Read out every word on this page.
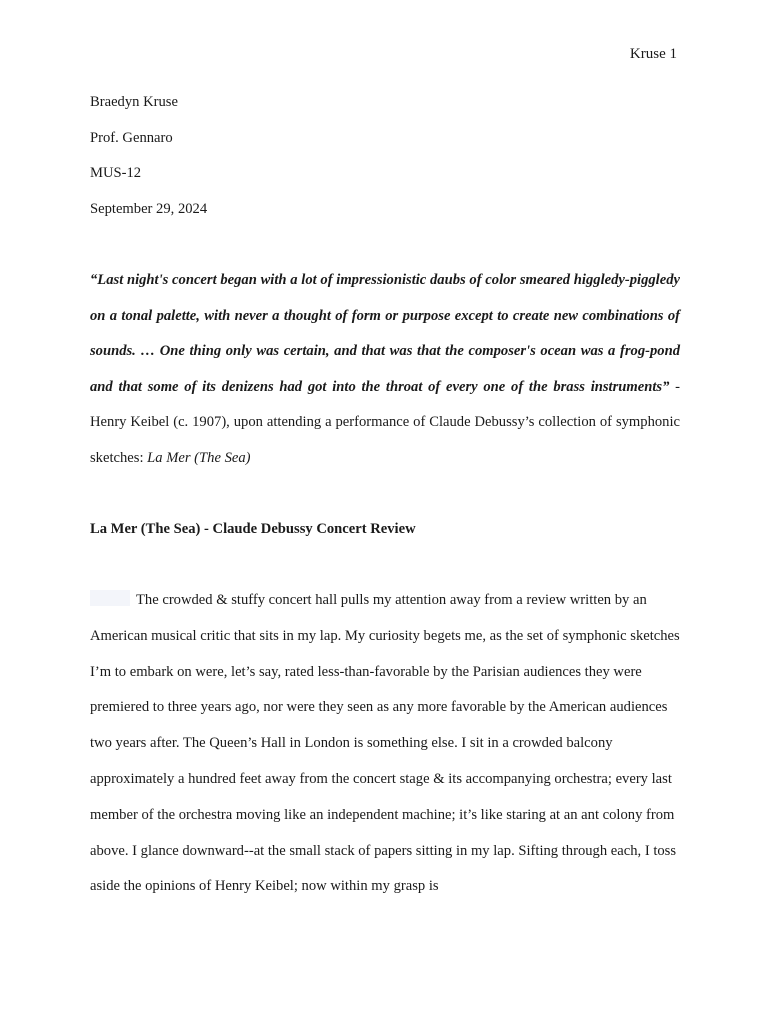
Kruse 1

Braedyn Kruse

Prof. Gennaro

MUS-12

September 29, 2024

“Last night's concert began with a lot of impressionistic daubs of color smeared higgledy-piggledy on a tonal palette, with never a thought of form or purpose except to create new combinations of sounds. … One thing only was certain, and that was that the composer's ocean was a frog-pond and that some of its denizens had got into the throat of every one of the brass instruments” - Henry Keibel (c. 1907), upon attending a performance of Claude Debussy’s collection of symphonic sketches: La Mer (The Sea)

La Mer (The Sea) - Claude Debussy Concert Review

The crowded & stuffy concert hall pulls my attention away from a review written by an American musical critic that sits in my lap. My curiosity begets me, as the set of symphonic sketches I’m to embark on were, let’s say, rated less-than-favorable by the Parisian audiences they were premiered to three years ago, nor were they seen as any more favorable by the American audiences two years after. The Queen’s Hall in London is something else. I sit in a crowded balcony approximately a hundred feet away from the concert stage & its accompanying orchestra; every last member of the orchestra moving like an independent machine; it’s like staring at an ant colony from above. I glance downward--at the small stack of papers sitting in my lap. Sifting through each, I toss aside the opinions of Henry Keibel; now within my grasp is
